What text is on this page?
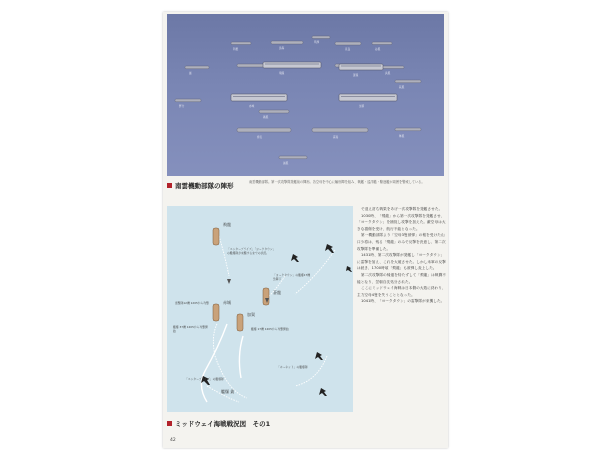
利根	鳥海
筑摩
長良
飛龍
蒼龍
赤城	加賀
榛名	霧島
嵐
野分
萩風
舞風
浦風
谷風
浜風
磯風
南雲機動部隊の陣形	南雲機動部隊。第一次攻撃隊発艦前の陣形。各空母を中心に輪形陣を組み、戦艦・巡洋艦・駆逐艦が周囲を警戒している。
飛龍
蒼龍
赤城
加賀
艦爆 叢
「エンタープライズ」「ヨークタウン」の艦爆隊が来襲するまでの状況。
「ヨークタウン」の艦爆17機 急降下
雷撃隊12機 1205から攻撃
艦爆 17機 1205から攻撃開始
艦爆 37機 1205から攻撃開始
「エンタープライズ」の艦爆隊
「ホーネット」の艦爆隊
ミッドウェイ海戦戦況図　その1
42

で迎え討ち戦果をあげ一次攻撃隊を発艦させた。

1030時、「飛龍」から第一次攻撃隊を発艦させ、「ヨークタウン」を捕捉し攻撃を加えた。敵空母は大きな損傷を受け、航行不能となった。

第一機動部隊より「空母3隻被弾」の報を受けた山口少将は、残る「飛龍」のみで反撃を決意し、第二次攻撃隊を準備した。

1431時、第二次攻撃隊が発艦し「ヨークタウン」に雷撃を加え、これを大破させた。しかし米軍の反撃は続き、1700時頃「飛龍」も被弾し炎上した。

第二次攻撃隊の帰還を待たずして「飛龍」は戦闘不能となり、翌朝自沈処分された。

ここにミッドウェイ海戦は日本側の大敗に終わり、主力空母4隻を失うこととなった。

1041時、「ヨークタウン」の雷撃隊が来襲した。
